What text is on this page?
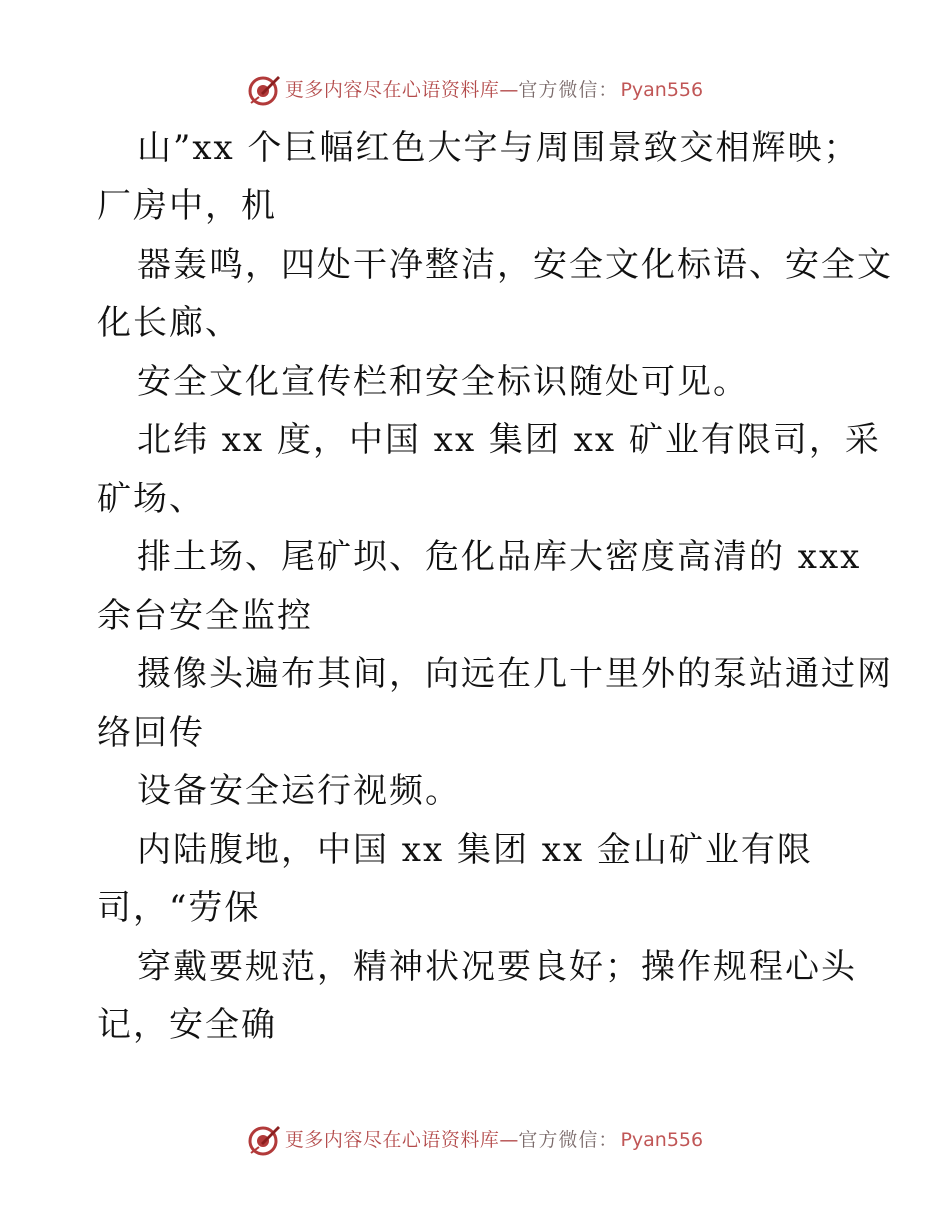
更多内容尽在心语资料库 — 官方微信： Pyan556
山”xx 个巨幅红色大字与周围景致交相辉映；
厂房中，机
器轰鸣，四处干净整洁，安全文化标语、安全文
化长廊、
安全文化宣传栏和安全标识随处可见。
北纬 xx 度，中国 xx 集团 xx 矿业有限司，采
矿场、
排土场、尾矿坝、危化品库大密度高清的 xxx
余台安全监控
摄像头遍布其间，向远在几十里外的泵站通过网
络回传
设备安全运行视频。
内陆腹地，中国 xx 集团 xx 金山矿业有限
司，“劳保
穿戴要规范，精神状况要良好；操作规程心头
记，安全确
更多内容尽在心语资料库 — 官方微信： Pyan556
